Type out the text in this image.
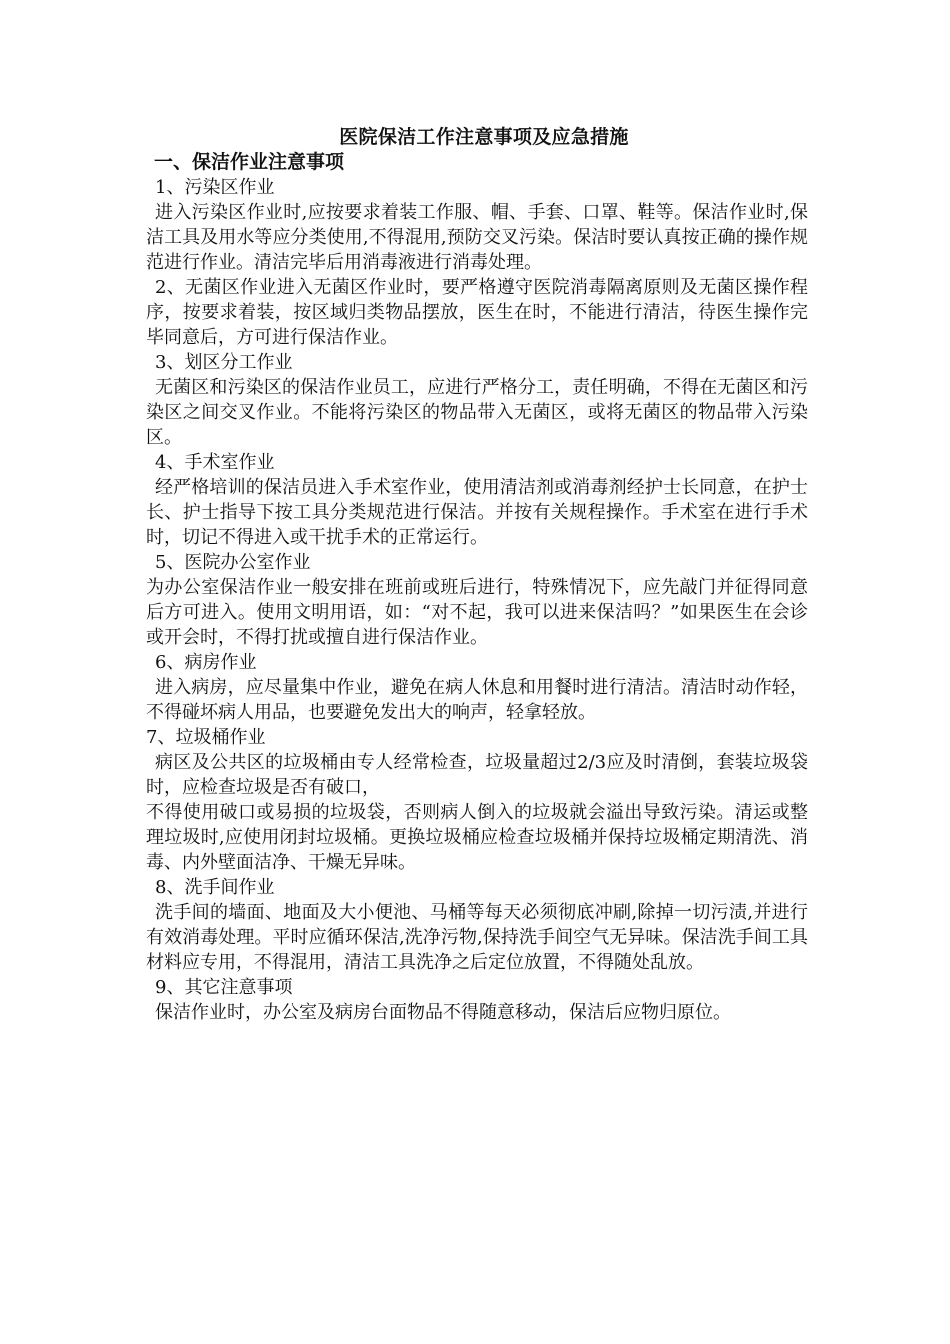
医院保洁工作注意事项及应急措施
一、保洁作业注意事项
1、污染区作业
进入污染区作业时,应按要求着装工作服、帽、手套、口罩、鞋等。保洁作业时,保洁工具及用水等应分类使用,不得混用,预防交叉污染。保洁时要认真按正确的操作规范进行作业。清洁完毕后用消毒液进行消毒处理。
2、无菌区作业进入无菌区作业时，要严格遵守医院消毒隔离原则及无菌区操作程序，按要求着装，按区域归类物品摆放，医生在时，不能进行清洁，待医生操作完毕同意后，方可进行保洁作业。
3、划区分工作业
无菌区和污染区的保洁作业员工，应进行严格分工，责任明确，不得在无菌区和污染区之间交叉作业。不能将污染区的物品带入无菌区，或将无菌区的物品带入污染区。
4、手术室作业
经严格培训的保洁员进入手术室作业，使用清洁剂或消毒剂经护士长同意，在护士长、护士指导下按工具分类规范进行保洁。并按有关规程操作。手术室在进行手术时，切记不得进入或干扰手术的正常运行。
5、医院办公室作业
为办公室保洁作业一般安排在班前或班后进行，特殊情况下，应先敲门并征得同意后方可进入。使用文明用语，如：“对不起，我可以进来保洁吗？”如果医生在会诊或开会时，不得打扰或擅自进行保洁作业。
6、病房作业
进入病房，应尽量集中作业，避免在病人休息和用餐时进行清洁。清洁时动作轻，不得碰坏病人用品，也要避免发出大的响声，轻拿轻放。
7、垃圾桶作业
病区及公共区的垃圾桶由专人经常检查，垃圾量超过2/3应及时清倒，套装垃圾袋时，应检查垃圾是否有破口，
不得使用破口或易损的垃圾袋，否则病人倒入的垃圾就会溢出导致污染。清运或整理垃圾时,应使用闭封垃圾桶。更换垃圾桶应检查垃圾桶并保持垃圾桶定期清洗、消毒、内外壁面洁净、干燥无异味。
8、洗手间作业
洗手间的墙面、地面及大小便池、马桶等每天必须彻底冲刷,除掉一切污渍,并进行有效消毒处理。平时应循环保洁,洗净污物,保持洗手间空气无异味。保洁洗手间工具材料应专用，不得混用，清洁工具洗净之后定位放置，不得随处乱放。
9、其它注意事项
保洁作业时，办公室及病房台面物品不得随意移动，保洁后应物归原位。
